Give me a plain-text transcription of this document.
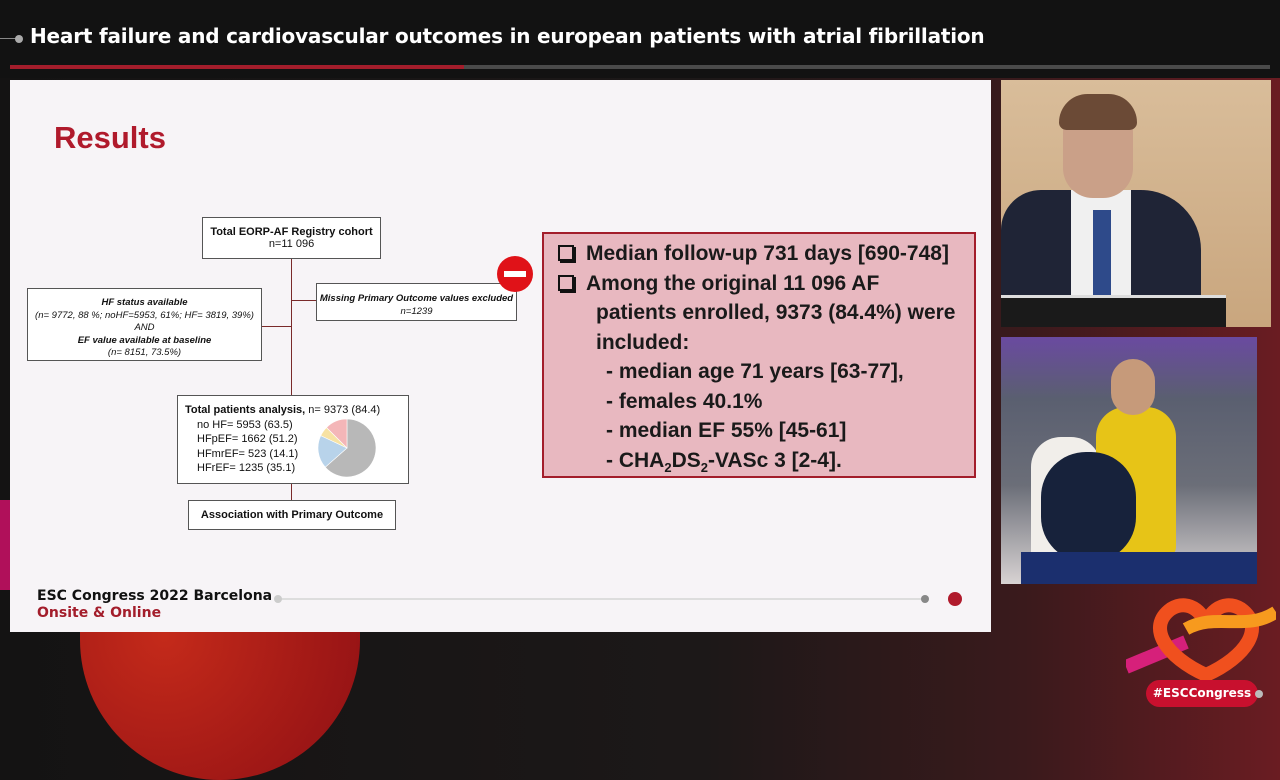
Heart failure and cardiovascular outcomes in european patients with atrial fibrillation
Results
Total EORP-AF Registry cohort
n=11 096
HF status available
(n= 9772, 88 %; noHF=5953, 61%; HF= 3819, 39%)
AND
EF value available at baseline
(n= 8151, 73.5%)
Missing Primary Outcome values excluded
n=1239
Total patients analysis, n= 9373 (84.4)
no HF= 5953 (63.5)
HFpEF= 1662 (51.2)
HFmrEF= 523 (14.1)
HFrEF= 1235 (35.1)
Association with Primary Outcome
Median follow-up 731 days [690-748]
Among the original 11 096 AF
patients enrolled, 9373 (84.4%) were
included:
- median age 71 years [63-77],
- females 40.1%
- median EF 55% [45-61]
- $CHA_2DS_2$-VASc 3 [2-4].
ESC Congress 2022 Barcelona
Onsite & Online
#ESCCongress
